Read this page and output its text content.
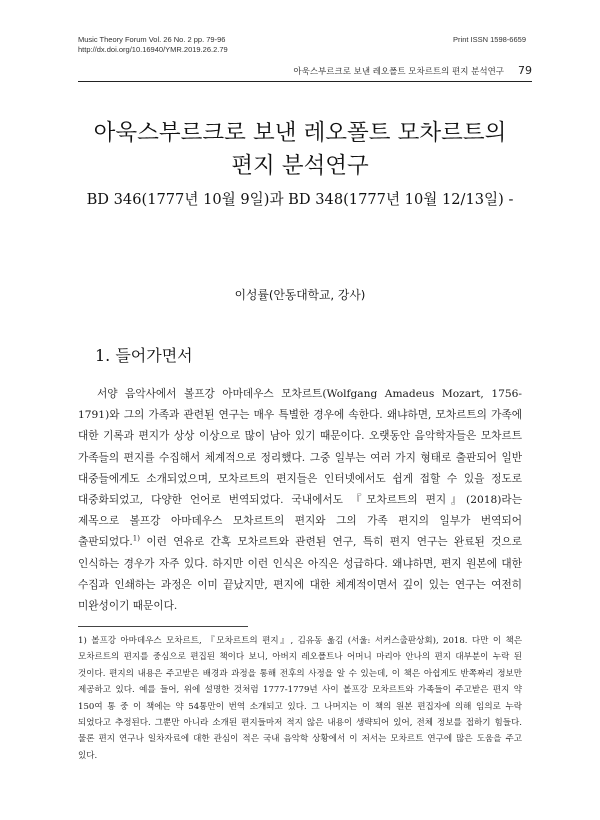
Music Theory Forum Vol. 26 No. 2 pp. 79-96
http://dx.doi.org/10.16940/YMR.2019.26.2.79
Print ISSN 1598-6659
아욱스부르크로 보낸 레오폴트 모차르트의 편지 분석연구 79
아욱스부르크로 보낸 레오폴트 모차르트의
편지 분석연구
BD 346(1777년 10월 9일)과 BD 348(1777년 10월 12/13일) -
이성률(안동대학교, 강사)
1. 들어가면서

서양 음악사에서 볼프강 아마데우스 모차르트(Wolfgang Amadeus Mozart, 1756-1791)와 그의 가족과 관련된 연구는 매우 특별한 경우에 속한다. 왜냐하면, 모차르트의 가족에 대한 기록과 편지가 상상 이상으로 많이 남아 있기 때문이다. 오랫동안 음악학자들은 모차르트 가족들의 편지를 수집해서 체계적으로 정리했다. 그중 일부는 여러 가지 형태로 출판되어 일반 대중들에게도 소개되었으며, 모차르트의 편지들은 인터넷에서도 쉽게 접할 수 있을 정도로 대중화되었고, 다양한 언어로 번역되었다. 국내에서도 『모차르트의 편지』(2018)라는 제목으로 볼프강 아마데우스 모차르트의 편지와 그의 가족 편지의 일부가 번역되어 출판되었다.$^{1)}$ 이런 연유로 간혹 모차르트와 관련된 연구, 특히 편지 연구는 완료된 것으로 인식하는 경우가 자주 있다. 하지만 이런 인식은 아직은 성급하다. 왜냐하면, 편지 원본에 대한 수집과 인쇄하는 과정은 이미 끝났지만, 편지에 대한 체계적이면서 깊이 있는 연구는 여전히 미완성이기 때문이다.

1) 볼프강 아마데우스 모차르트, 『모차르트의 편지』, 김유동 옮김 (서울: 서커스출판상회), 2018. 다만 이 책은 모차르트의 편지를 중심으로 편집된 책이다 보니, 아버지 레오폴트나 어머니 마리아 안나의 편지 대부분이 누락 된 것이다. 편지의 내용은 주고받은 배경과 과정을 통해 전후의 사정을 알 수 있는데, 이 책은 아쉽게도 반쪽짜리 정보만 제공하고 있다. 예를 들어, 위에 설명한 것처럼 1777-1779년 사이 볼프강 모차르트와 가족들이 주고받은 편지 약 150여 통 중 이 책에는 약 54통만이 번역 소개되고 있다. 그 나머지는 이 책의 원본 편집자에 의해 임의로 누락 되었다고 추정된다. 그뿐만 아니라 소개된 편지들마저 적지 않은 내용이 생략되어 있어, 전체 정보를 접하기 힘들다. 물론 편지 연구나 일차자료에 대한 관심이 적은 국내 음악학 상황에서 이 저서는 모차르트 연구에 많은 도움을 주고 있다.
